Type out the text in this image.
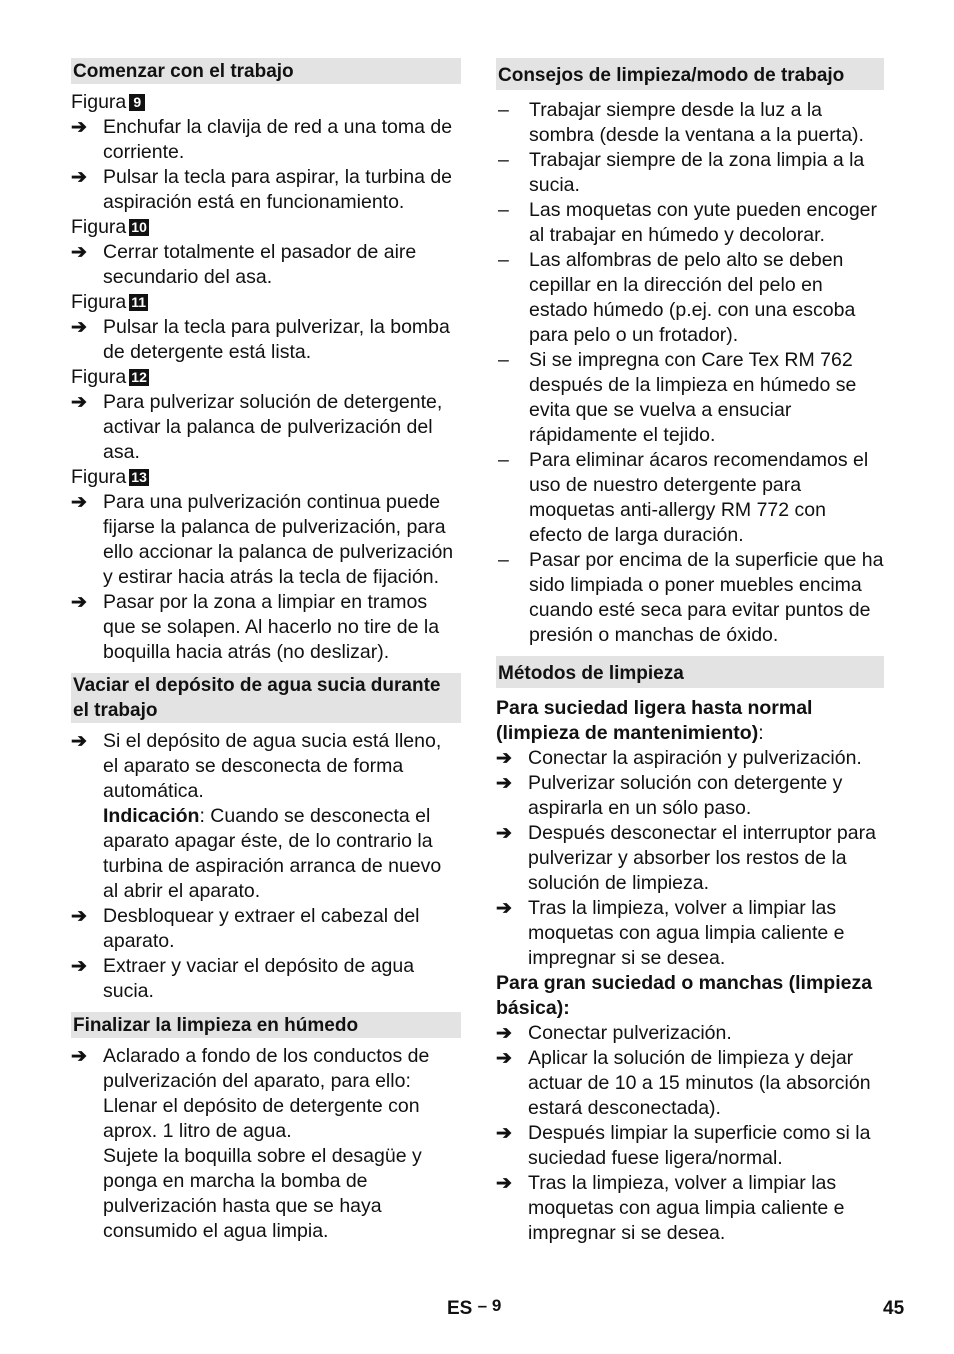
Comenzar con el trabajo
Figura 9
➔ Enchufar la clavija de red a una toma de corriente.
➔ Pulsar la tecla para aspirar, la turbina de aspiración está en funcionamiento.
Figura 10
➔ Cerrar totalmente el pasador de aire secundario del asa.
Figura 11
➔ Pulsar la tecla para pulverizar, la bomba de detergente está lista.
Figura 12
➔ Para pulverizar solución de detergente, activar la palanca de pulverización del asa.
Figura 13
➔ Para una pulverización continua puede fijarse la palanca de pulverización, para ello accionar la palanca de pulverización y estirar hacia atrás la tecla de fijación.
➔ Pasar por la zona a limpiar en tramos que se solapen. Al hacerlo no tire de la boquilla hacia atrás (no deslizar).
Vaciar el depósito de agua sucia durante el trabajo
➔ Si el depósito de agua sucia está lleno, el aparato se desconecta de forma automática.
Indicación: Cuando se desconecta el aparato apagar éste, de lo contrario la turbina de aspiración arranca de nuevo al abrir el aparato.
➔ Desbloquear y extraer el cabezal del aparato.
➔ Extraer y vaciar el depósito de agua sucia.
Finalizar la limpieza en húmedo
➔ Aclarado a fondo de los conductos de pulverización del aparato, para ello:
Llenar el depósito de detergente con aprox. 1 litro de agua.
Sujete la boquilla sobre el desagüe y ponga en marcha la bomba de pulverización hasta que se haya consumido el agua limpia.
Consejos de limpieza/modo de trabajo
– Trabajar siempre desde la luz a la sombra (desde la ventana a la puerta).
– Trabajar siempre de la zona limpia a la sucia.
– Las moquetas con yute pueden encoger al trabajar en húmedo y decolorar.
– Las alfombras de pelo alto se deben cepillar en la dirección del pelo en estado húmedo (p.ej. con una escoba para pelo o un frotador).
– Si se impregna con Care Tex RM 762 después de la limpieza en húmedo se evita que se vuelva a ensuciar rápidamente el tejido.
– Para eliminar ácaros recomendamos el uso de nuestro detergente para moquetas anti-allergy RM 772 con efecto de larga duración.
– Pasar por encima de la superficie que ha sido limpiada o poner muebles encima cuando esté seca para evitar puntos de presión o manchas de óxido.
Métodos de limpieza
Para suciedad ligera hasta normal (limpieza de mantenimiento):
➔ Conectar la aspiración y pulverización.
➔ Pulverizar solución con detergente y aspirarla en un sólo paso.
➔ Después desconectar el interruptor para pulverizar y absorber los restos de la solución de limpieza.
➔ Tras la limpieza, volver a limpiar las moquetas con agua limpia caliente e impregnar si se desea.
Para gran suciedad o manchas (limpieza básica):
➔ Conectar pulverización.
➔ Aplicar la solución de limpieza y dejar actuar de 10 a 15 minutos (la absorción estará desconectada).
➔ Después limpiar la superficie como si la suciedad fuese ligera/normal.
➔ Tras la limpieza, volver a limpiar las moquetas con agua limpia caliente e impregnar si se desea.
ES – 9	45
